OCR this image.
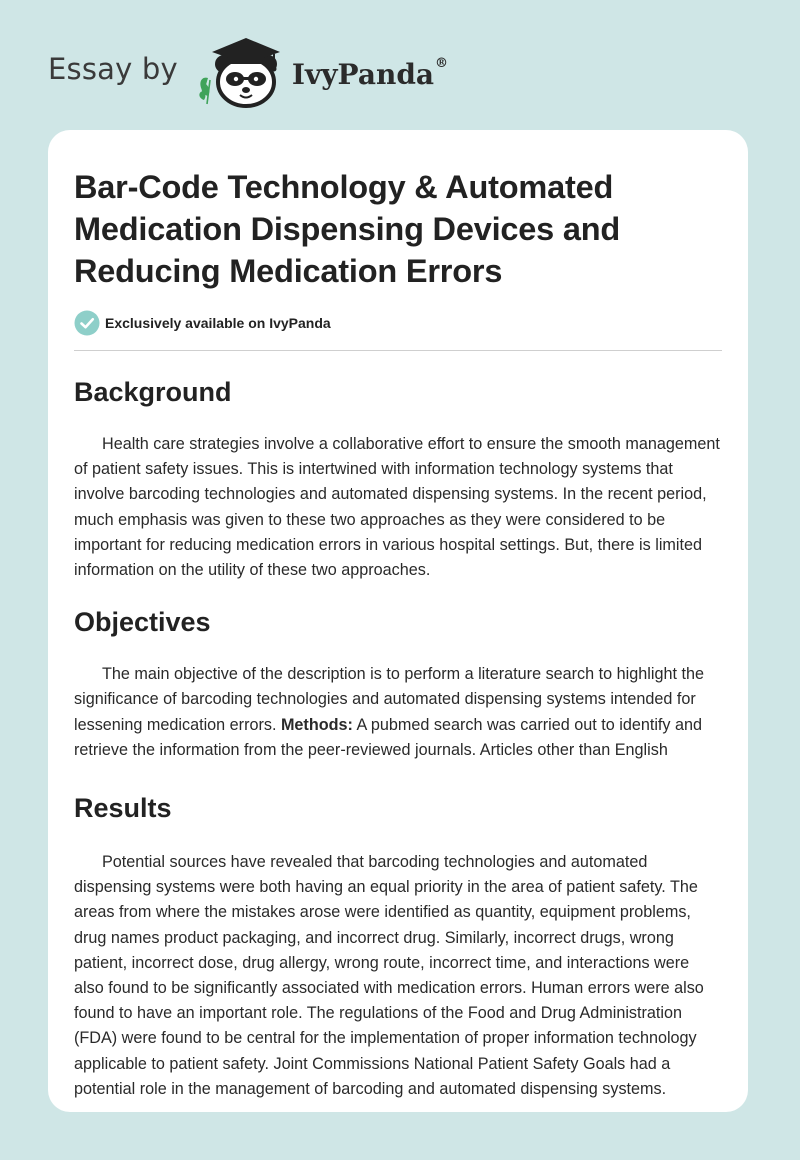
Essay by	IvyPanda®
Bar-Code Technology & Automated Medication Dispensing Devices and Reducing Medication Errors
Exclusively available on IvyPanda
Background

Health care strategies involve a collaborative effort to ensure the smooth management of patient safety issues. This is intertwined with information technology systems that involve barcoding technologies and automated dispensing systems. In the recent period, much emphasis was given to these two approaches as they were considered to be important for reducing medication errors in various hospital settings. But, there is limited information on the utility of these two approaches.

Objectives

The main objective of the description is to perform a literature search to highlight the significance of barcoding technologies and automated dispensing systems intended for lessening medication errors. Methods: A pubmed search was carried out to identify and retrieve the information from the peer-reviewed journals. Articles other than English

Results

Potential sources have revealed that barcoding technologies and automated dispensing systems were both having an equal priority in the area of patient safety. The areas from where the mistakes arose were identified as quantity, equipment problems, drug names product packaging, and incorrect drug. Similarly, incorrect drugs, wrong patient, incorrect dose, drug allergy, wrong route, incorrect time, and interactions were also found to be significantly associated with medication errors. Human errors were also found to have an important role. The regulations of the Food and Drug Administration (FDA) were found to be central for the implementation of proper information technology applicable to patient safety. Joint Commissions National Patient Safety Goals had a potential role in the management of barcoding and automated dispensing systems.
